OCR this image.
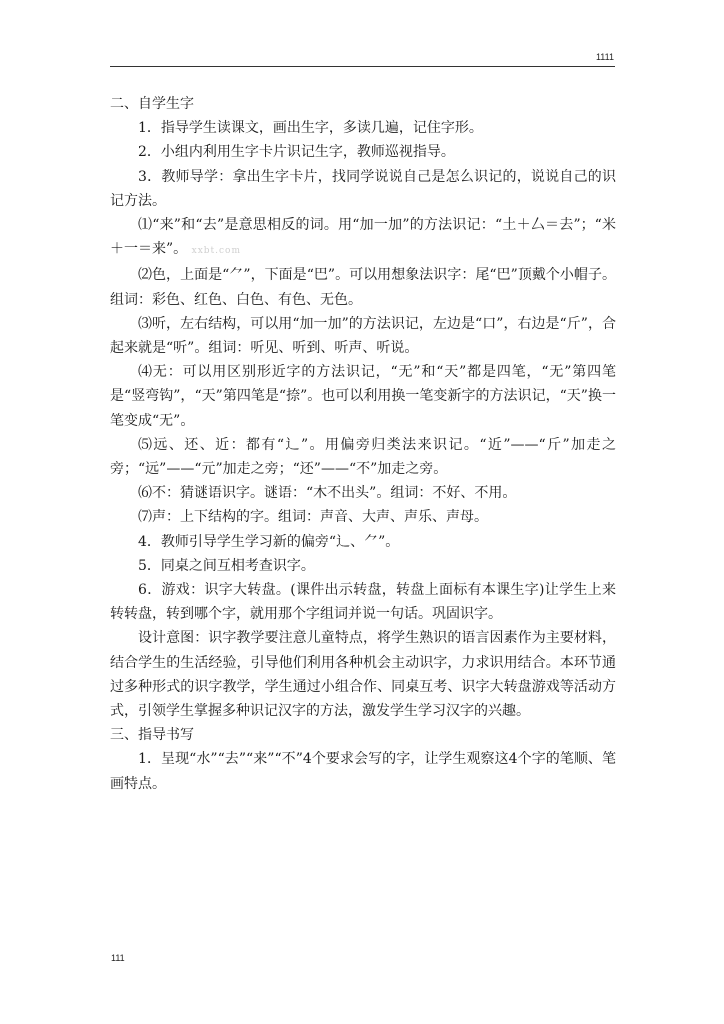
1111

二、自学生字

1．指导学生读课文，画出生字，多读几遍，记住字形。

2．小组内利用生字卡片识记生字，教师巡视指导。

3．教师导学：拿出生字卡片，找同学说说自己是怎么识记的，说说自己的识记方法。

⑴“来”和“去”是意思相反的词。用“加一加”的方法识记：“土＋厶＝去”；“米＋一＝来”。 xxbt.com

⑵色，上面是“⺈”，下面是“巴”。可以用想象法识字：尾“巴”顶戴个小帽子。组词：彩色、红色、白色、有色、无色。

⑶听，左右结构，可以用“加一加”的方法识记，左边是“口”，右边是“斤”，合起来就是“听”。组词：听见、听到、听声、听说。

⑷无：可以用区别形近字的方法识记，“无”和“天”都是四笔，“无”第四笔是“竖弯钩”，“天”第四笔是“捺”。也可以利用换一笔变新字的方法识记，“天”换一笔变成“无”。

⑸远、还、近：都有“辶”。用偏旁归类法来识记。“近”——“斤”加走之旁；“远”——“元”加走之旁；“还”——“不”加走之旁。

⑹不：猜谜语识字。谜语：“木不出头”。组词：不好、不用。

⑺声：上下结构的字。组词：声音、大声、声乐、声母。

4．教师引导学生学习新的偏旁“辶、⺈”。

5．同桌之间互相考查识字。

6．游戏：识字大转盘。(课件出示转盘，转盘上面标有本课生字)让学生上来转转盘，转到哪个字，就用那个字组词并说一句话。巩固识字。

设计意图：识字教学要注意儿童特点，将学生熟识的语言因素作为主要材料，结合学生的生活经验，引导他们利用各种机会主动识字，力求识用结合。本环节通过多种形式的识字教学，学生通过小组合作、同桌互考、识字大转盘游戏等活动方式，引领学生掌握多种识记汉字的方法，激发学生学习汉字的兴趣。

三、指导书写

1．呈现“水”“去”“来”“不”4个要求会写的字，让学生观察这4个字的笔顺、笔画特点。

111
